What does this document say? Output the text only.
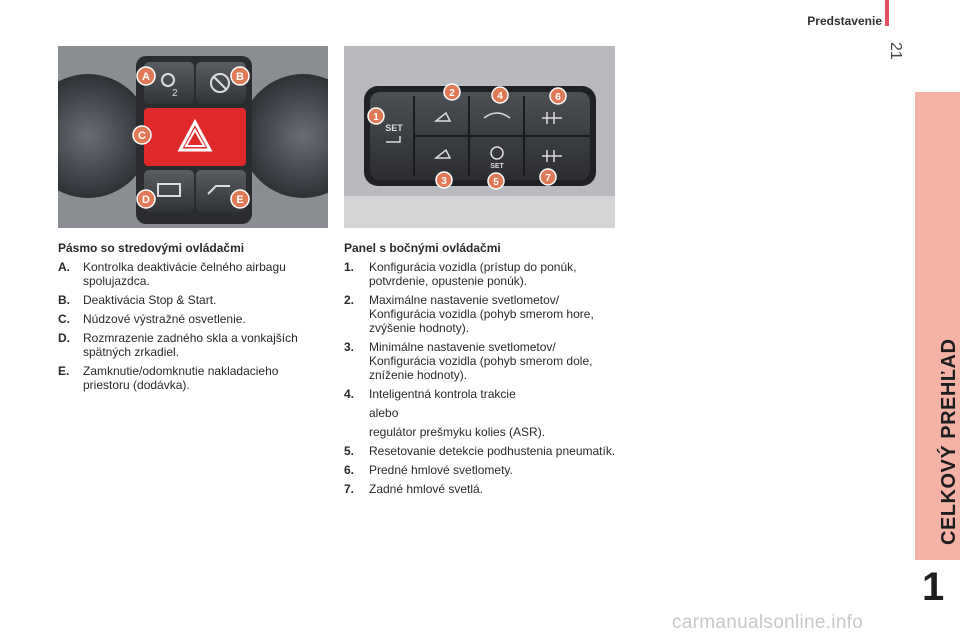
Predstavenie
21
CELKOVÝ PREHĽAD
1
2
A	B
C
D	E
SET
SET
1
2
3
4
5
6
7
Pásmo so stredovými ovládačmi
A.	Kontrolka deaktivácie čelného airbagu spolujazdca.
B.	Deaktivácia Stop & Start.
C.	Núdzové výstražné osvetlenie.
D.	Rozmrazenie zadného skla a vonkajších spätných zrkadiel.
E.	Zamknutie/odomknutie nakladacieho priestoru (dodávka).
Panel s bočnými ovládačmi
1.	Konfigurácia vozidla (prístup do ponúk, potvrdenie, opustenie ponúk).
2.	Maximálne nastavenie svetlometov/ Konfigurácia vozidla (pohyb smerom hore, zvýšenie hodnoty).
3.	Minimálne nastavenie svetlometov/ Konfigurácia vozidla (pohyb smerom dole, zníženie hodnoty).
4.	Inteligentná kontrola trakcie
alebo
regulátor prešmyku kolies (ASR).
5.	Resetovanie detekcie podhustenia pneumatík.
6.	Predné hmlové svetlomety.
7.	Zadné hmlové svetlá.
carmanualsonline.info
